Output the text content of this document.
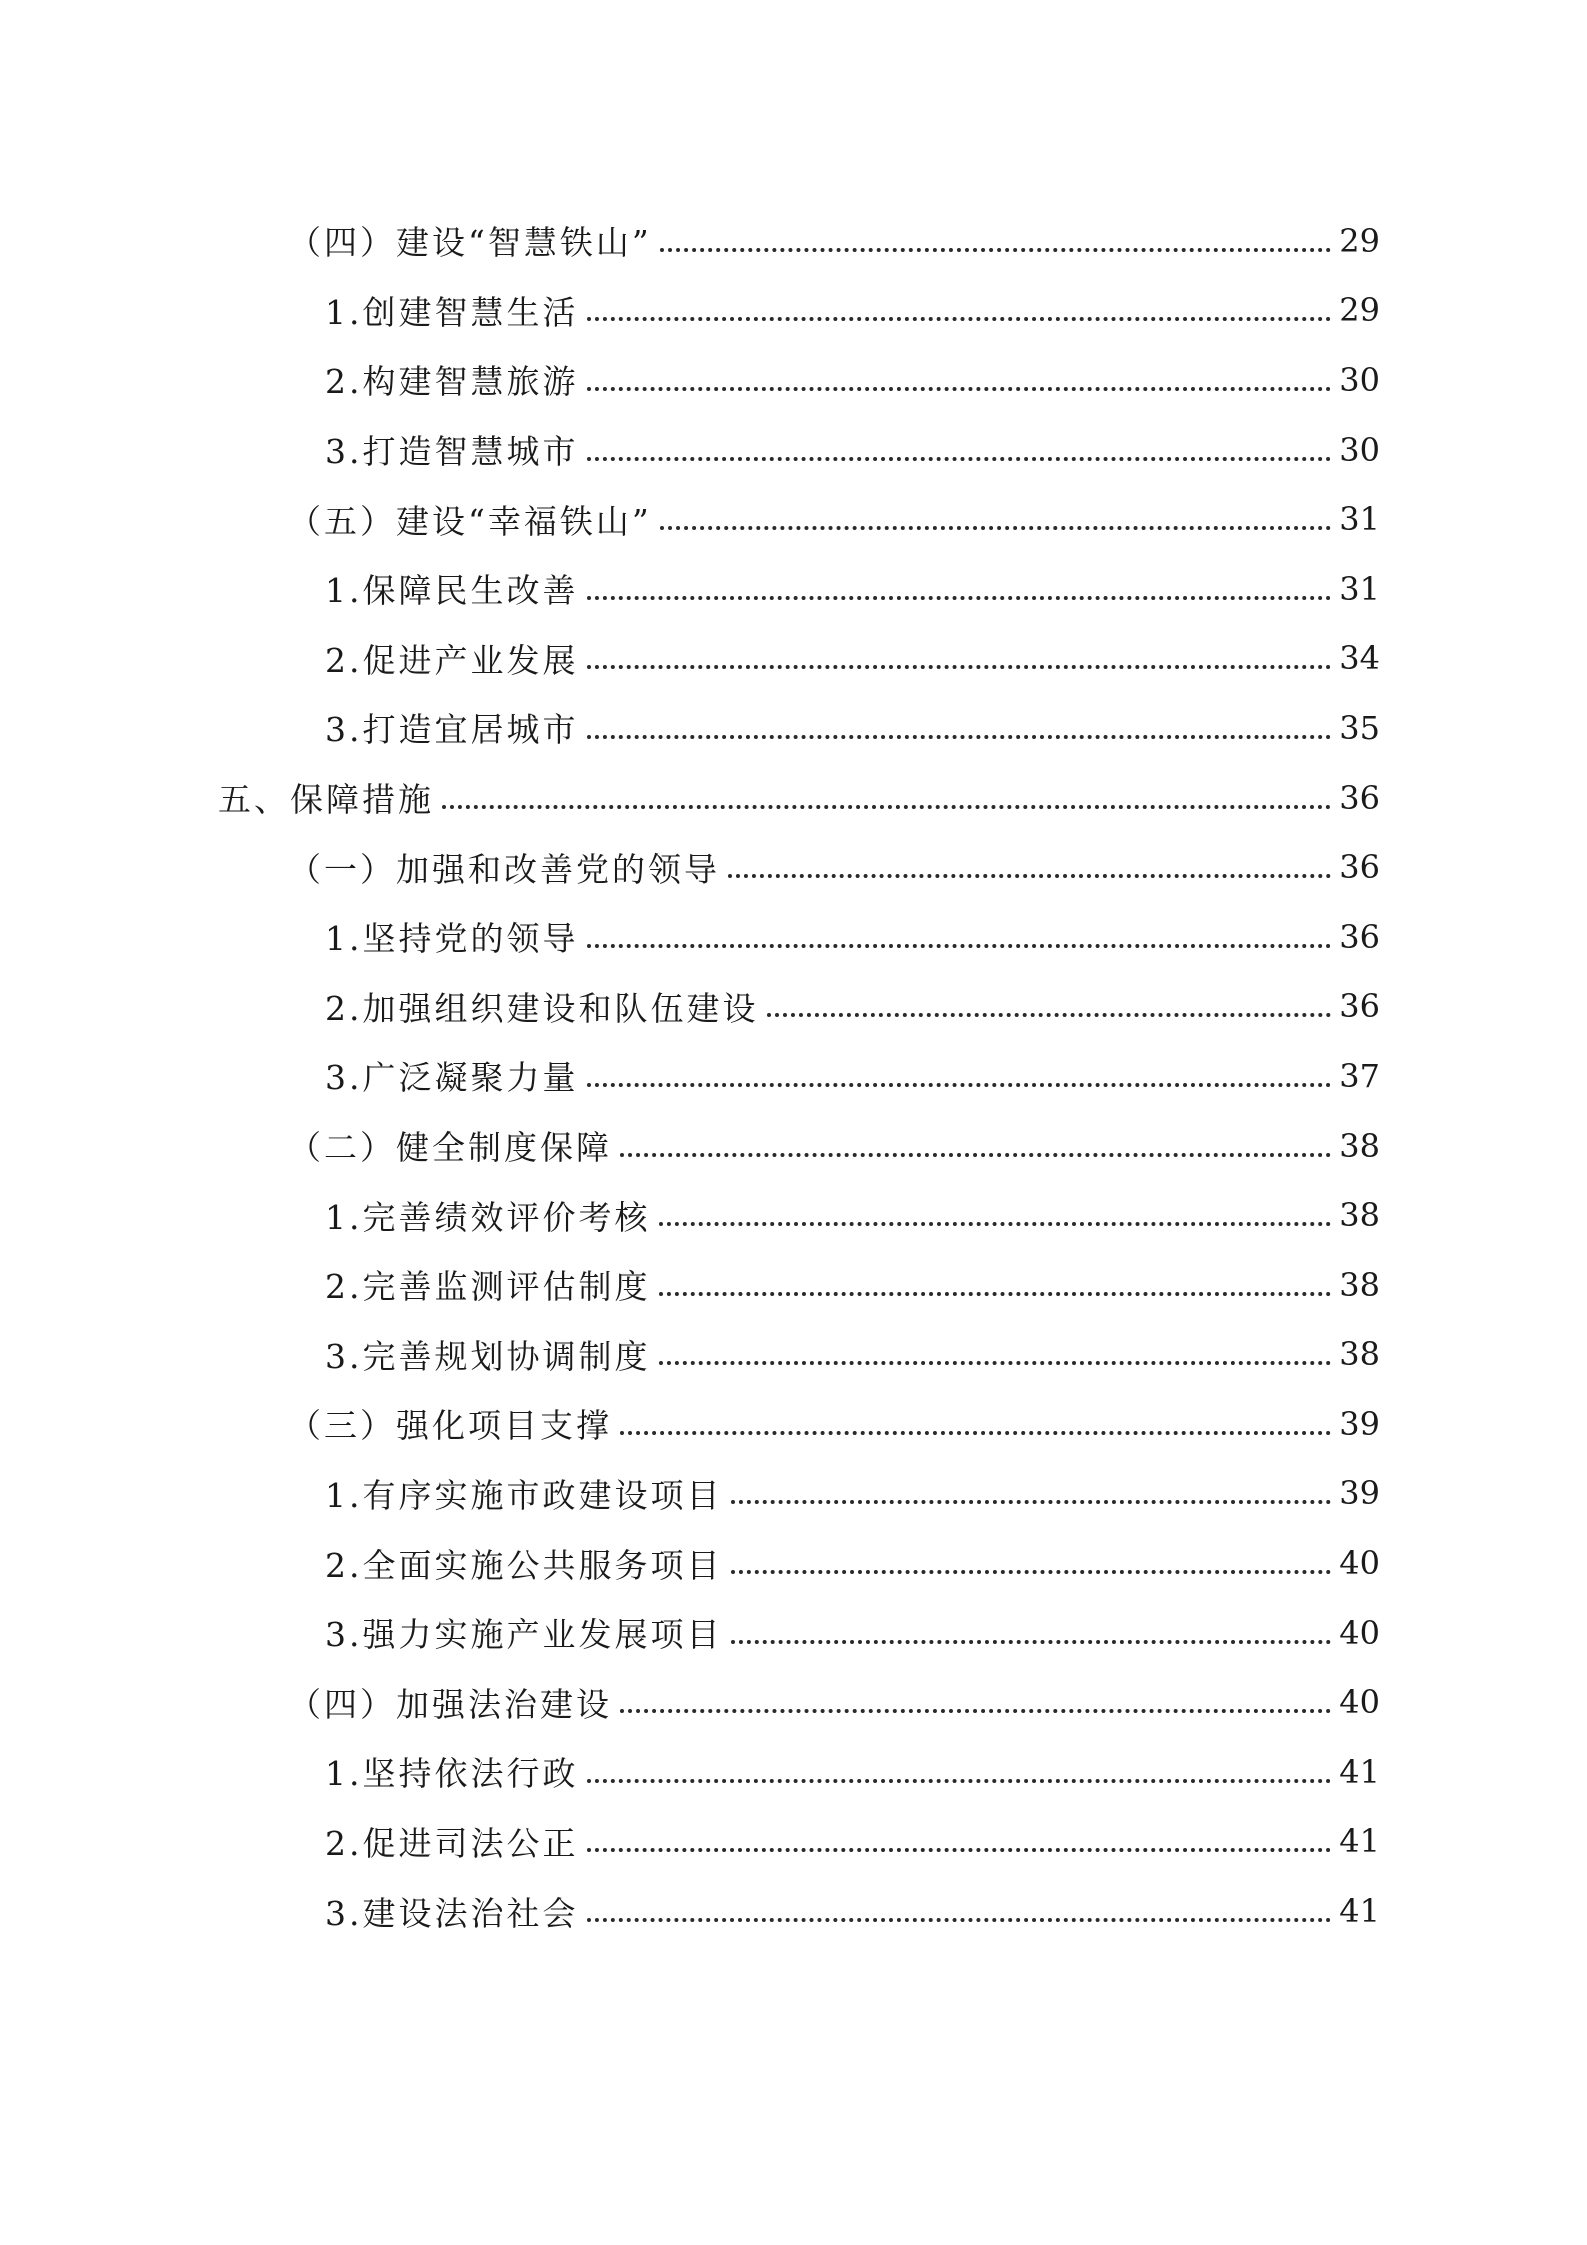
（四）建设“智慧铁山”	29
1.创建智慧生活	29
2.构建智慧旅游	30
3.打造智慧城市	30
（五）建设“幸福铁山”	31
1.保障民生改善	31
2.促进产业发展	34
3.打造宜居城市	35
五、保障措施	36
（一）加强和改善党的领导	36
1.坚持党的领导	36
2.加强组织建设和队伍建设	36
3.广泛凝聚力量	37
（二）健全制度保障	38
1.完善绩效评价考核	38
2.完善监测评估制度	38
3.完善规划协调制度	38
（三）强化项目支撑	39
1.有序实施市政建设项目	39
2.全面实施公共服务项目	40
3.强力实施产业发展项目	40
（四）加强法治建设	40
1.坚持依法行政	41
2.促进司法公正	41
3.建设法治社会	41
